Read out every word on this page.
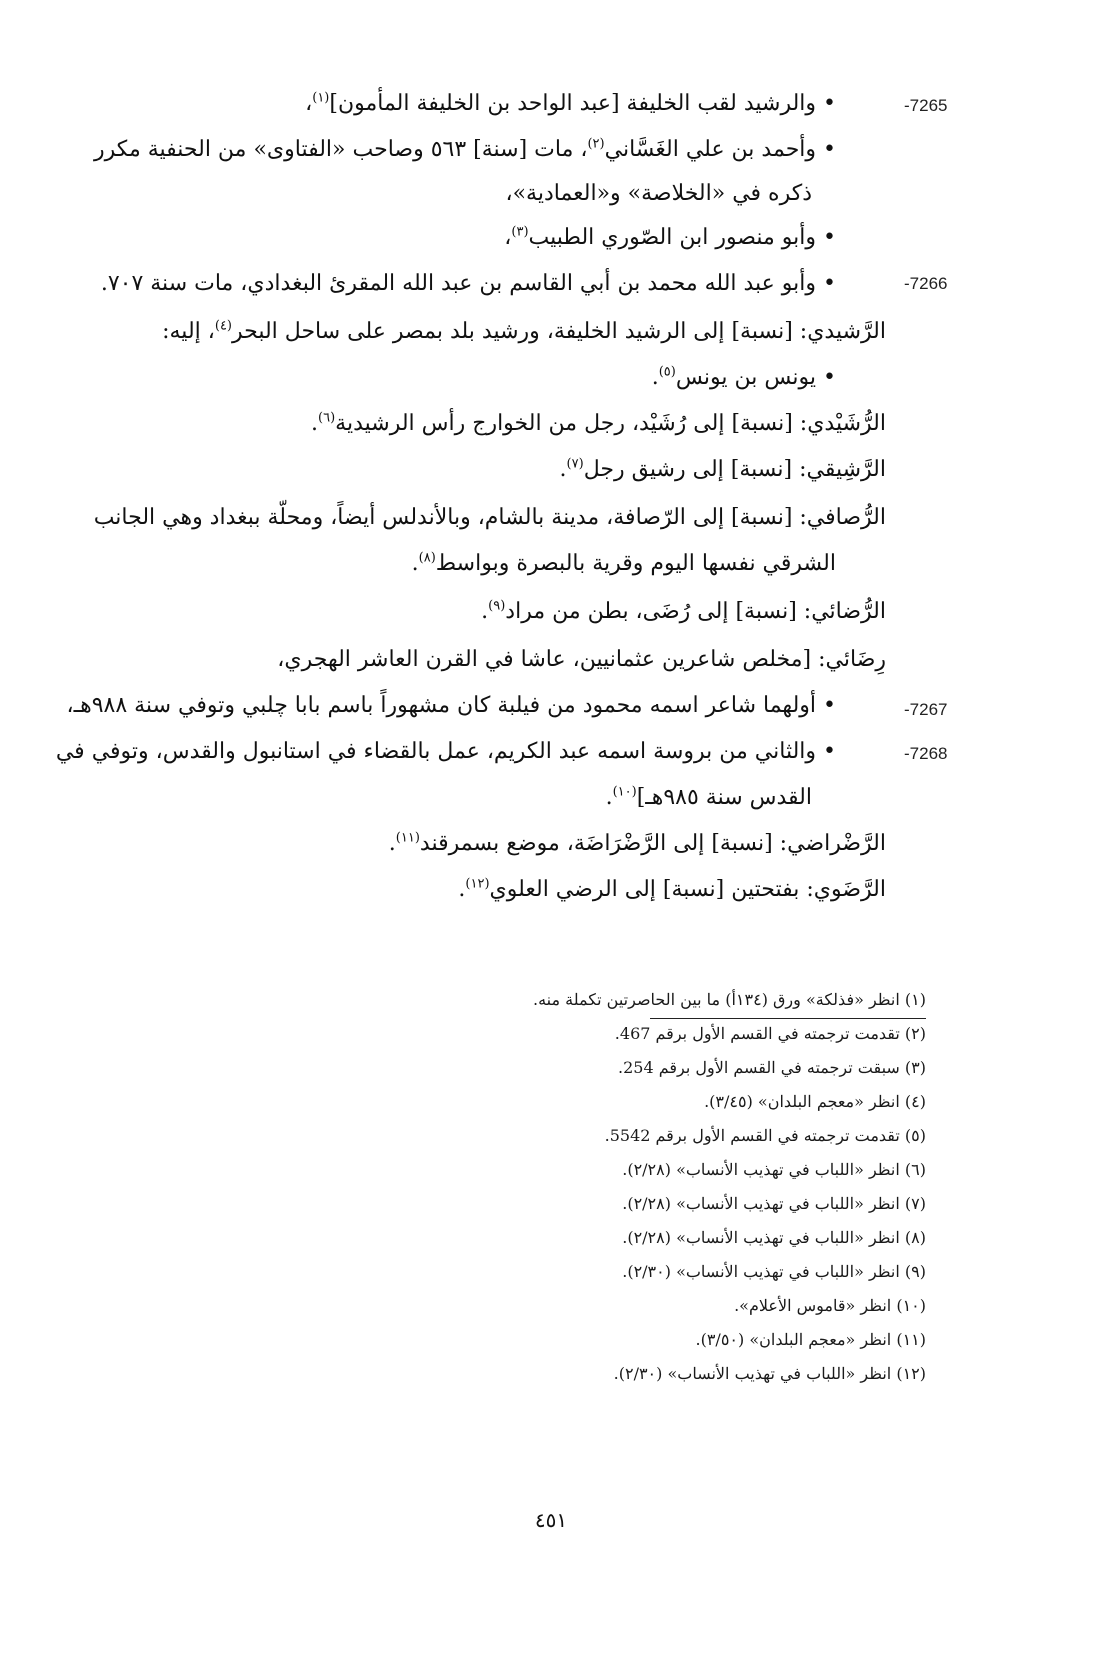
-7265
-7266
-7267
-7268
• والرشيد لقب الخليفة [عبد الواحد بن الخليفة المأمون]$^{(١)}$،
• وأحمد بن علي الغَسَّاني$^{(٢)}$، مات [سنة] ٥٦٣ وصاحب «الفتاوى» من الحنفية مكرر
ذكره في «الخلاصة» و«العمادية»،
• وأبو منصور ابن الصّوري الطبيب$^{(٣)}$،
• وأبو عبد الله محمد بن أبي القاسم بن عبد الله المقرئ البغدادي، مات سنة ٧٠٧.
الرَّشيدي: [نسبة] إلى الرشيد الخليفة، ورشيد بلد بمصر على ساحل البحر$^{(٤)}$، إليه:
• يونس بن يونس$^{(٥)}$.
الرُّشَيْدي: [نسبة] إلى رُشَيْد، رجل من الخوارج رأس الرشيدية$^{(٦)}$.
الرَّشِيقي: [نسبة] إلى رشيق رجل$^{(٧)}$.
الرُّصافي: [نسبة] إلى الرّصافة، مدينة بالشام، وبالأندلس أيضاً، ومحلّة ببغداد وهي الجانب
الشرقي نفسها اليوم وقرية بالبصرة وبواسط$^{(٨)}$.
الرُّضائي: [نسبة] إلى رُضَى، بطن من مراد$^{(٩)}$.
رِضَائي: [مخلص شاعرين عثمانيين، عاشا في القرن العاشر الهجري،
• أولهما شاعر اسمه محمود من فيلبة كان مشهوراً باسم بابا چلبي وتوفي سنة ٩٨٨هـ،
• والثاني من بروسة اسمه عبد الكريم، عمل بالقضاء في استانبول والقدس، وتوفي في
القدس سنة ٩٨٥هـ]$^{(١٠)}$.
الرَّضْراضي: [نسبة] إلى الرَّضْرَاضَة، موضع بسمرقند$^{(١١)}$.
الرَّضَوي: بفتحتين [نسبة] إلى الرضي العلوي$^{(١٢)}$.
(١) انظر «فذلكة» ورق (١٣٤أ) ما بين الحاصرتين تكملة منه.
(٢) تقدمت ترجمته في القسم الأول برقم 467.
(٣) سبقت ترجمته في القسم الأول برقم 254.
(٤) انظر «معجم البلدان» (٣/٤٥).
(٥) تقدمت ترجمته في القسم الأول برقم 5542.
(٦) انظر «اللباب في تهذيب الأنساب» (٢/٢٨).
(٧) انظر «اللباب في تهذيب الأنساب» (٢/٢٨).
(٨) انظر «اللباب في تهذيب الأنساب» (٢/٢٨).
(٩) انظر «اللباب في تهذيب الأنساب» (٢/٣٠).
(١٠) انظر «قاموس الأعلام».
(١١) انظر «معجم البلدان» (٣/٥٠).
(١٢) انظر «اللباب في تهذيب الأنساب» (٢/٣٠).
٤٥١
